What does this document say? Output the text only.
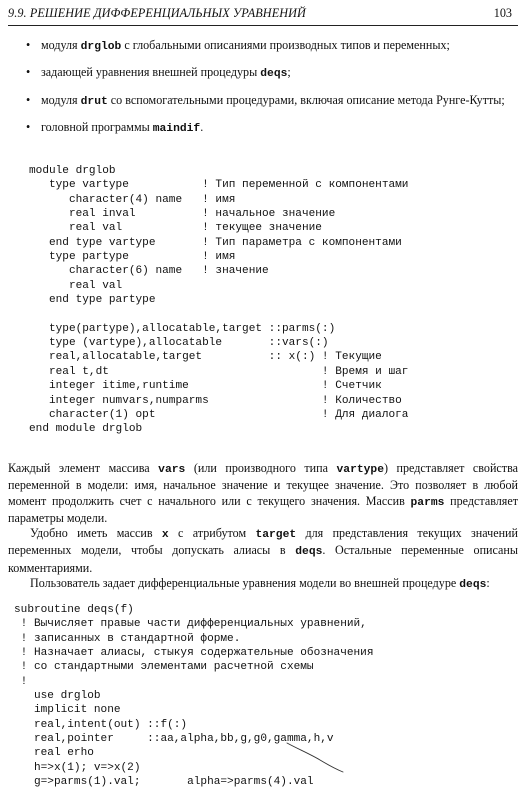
9.9. РЕШЕНИЕ ДИФФЕРЕНЦИАЛЬНЫХ УРАВНЕНИЙ	103
• модуля drglob с глобальными описаниями производных типов и переменных;
• задающей уравнения внешней процедуры deqs;
• модуля drut со вспомогательными процедурами, включая описание метода Рунге-Кутты;
• головной программы maindif.
module drglob
type vartype           ! Тип переменной с компонентами
character(4) name   ! имя
real inval          ! начальное значение
real val            ! текущее значение
end type vartype       ! Тип параметра с компонентами
type partype           ! имя
character(6) name   ! значение
real val
end type partype

type(partype),allocatable,target ::parms(:)
type (vartype),allocatable       ::vars(:)
real,allocatable,target          :: x(:) ! Текущие
real t,dt                                ! Время и шаг
integer itime,runtime                    ! Счетчик
integer numvars,numparms                 ! Количество
character(1) opt                         ! Для диалога
end module drglob

Каждый элемент массива vars (или производного типа vartype) представляет свойства переменной в модели: имя, начальное значение и текущее значение. Это позволяет в любой момент продолжить счет с начального или с текущего значения. Массив parms представляет параметры модели.

Удобно иметь массив x с атрибутом target для представления текущих значений переменных модели, чтобы допускать алиасы в deqs. Остальные переменные описаны комментариями.

Пользователь задает дифференциальные уравнения модели во внешней процедуре deqs:

subroutine deqs(f)
! Вычисляет правые части дифференциальных уравнений,
! записанных в стандартной форме.
! Назначает алиасы, стыкуя содержательные обозначения
! со стандартными элементами расчетной схемы
!
use drglob
implicit none
real,intent(out) ::f(:)
real,pointer     ::aa,alpha,bb,g,g0,gamma,h,v
real erho
h=>x(1); v=>x(2)
g=>parms(1).val;       alpha=>parms(4).val
